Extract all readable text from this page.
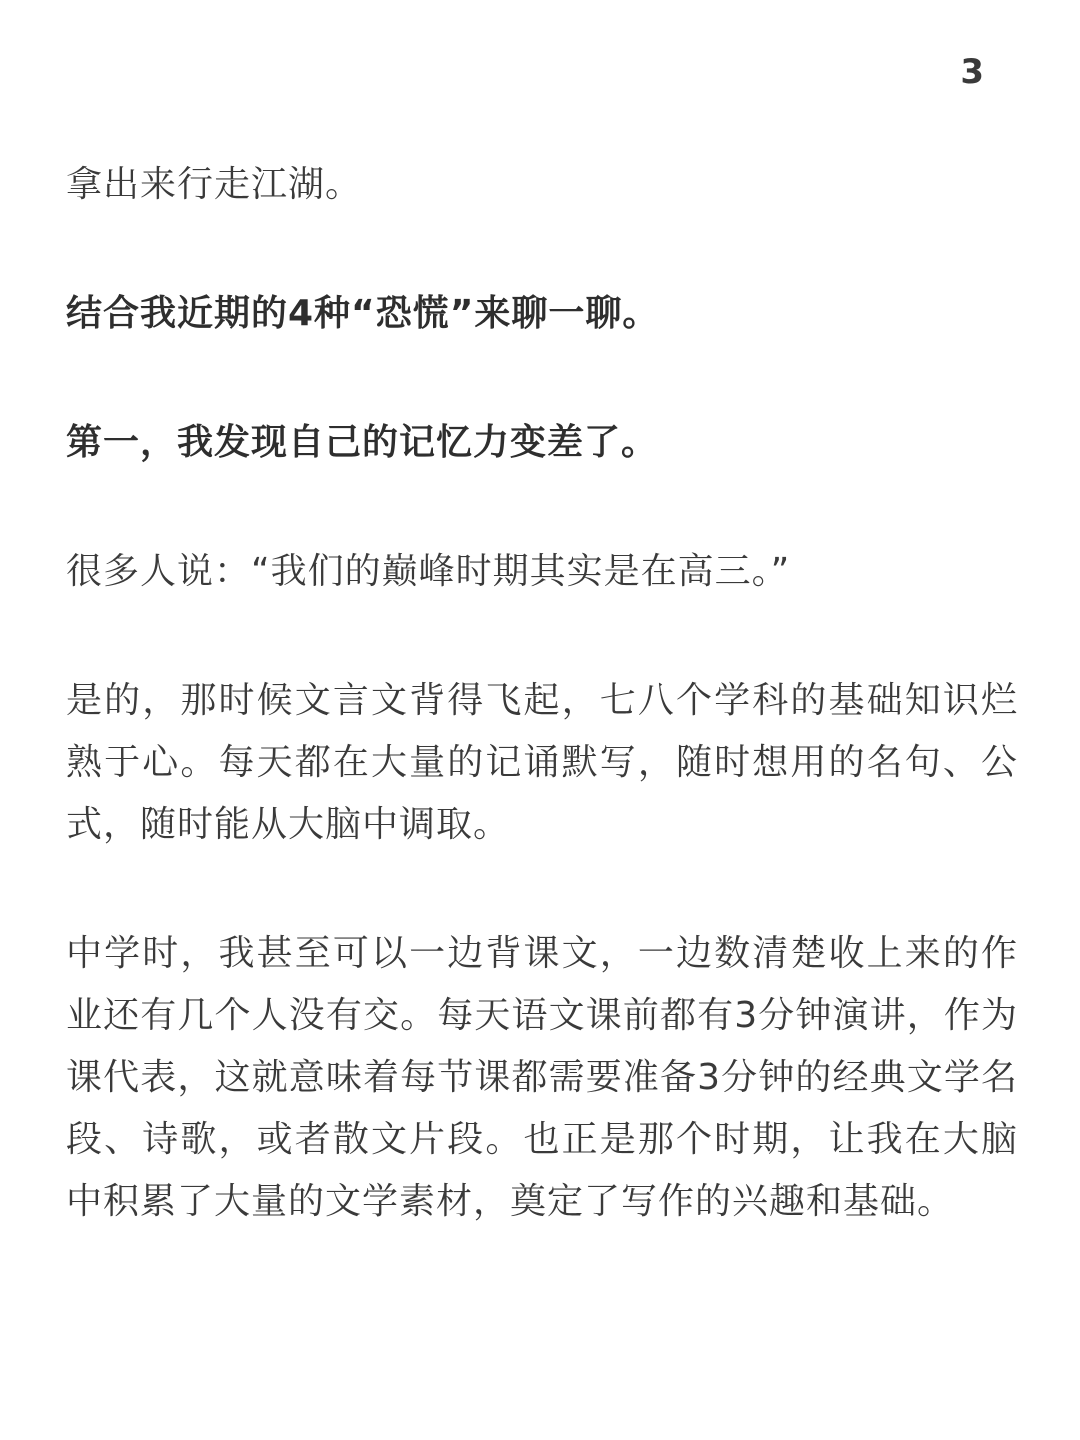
3

拿出来行走江湖。

结合我近期的4种“恐慌”来聊一聊。

第一，我发现自己的记忆力变差了。

很多人说：“我们的巅峰时期其实是在高三。”

是的，那时候文言文背得飞起，七八个学科的基础知识烂熟于心。每天都在大量的记诵默写，随时想用的名句、公式，随时能从大脑中调取。

中学时，我甚至可以一边背课文，一边数清楚收上来的作业还有几个人没有交。每天语文课前都有3分钟演讲，作为课代表，这就意味着每节课都需要准备3分钟的经典文学名段、诗歌，或者散文片段。也正是那个时期，让我在大脑中积累了大量的文学素材，奠定了写作的兴趣和基础。
